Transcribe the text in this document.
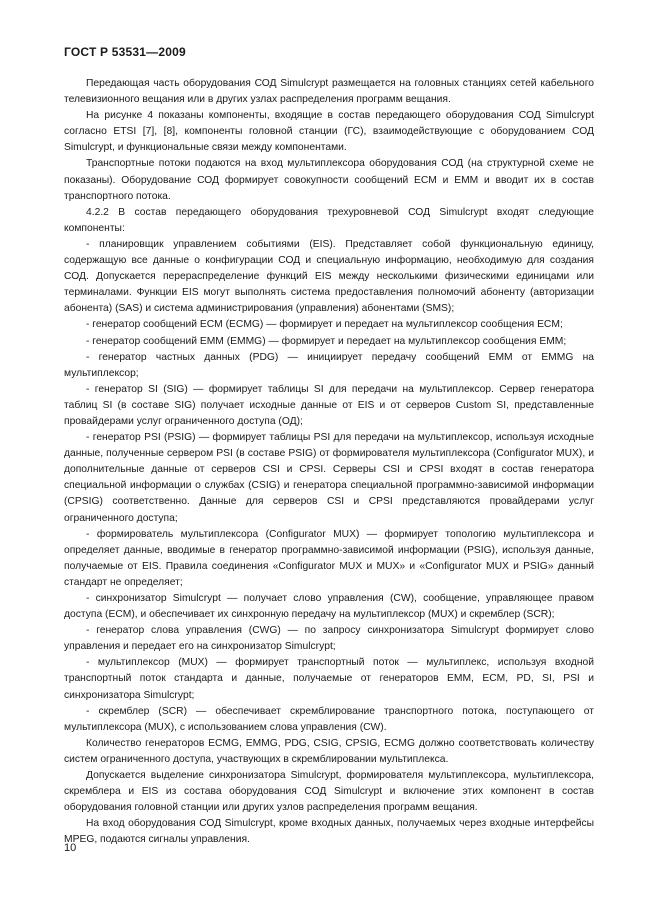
ГОСТ Р 53531—2009

Передающая часть оборудования СОД Simulcrypt размещается на головных станциях сетей кабельного телевизионного вещания или в других узлах распределения программ вещания.

На рисунке 4 показаны компоненты, входящие в состав передающего оборудования СОД Simulcrypt согласно ETSI [7], [8], компоненты головной станции (ГС), взаимодействующие с оборудованием СОД Simulcrypt, и функциональные связи между компонентами.

Транспортные потоки подаются на вход мультиплексора оборудования СОД (на структурной схеме не показаны). Оборудование СОД формирует совокупности сообщений ECM и EMM и вводит их в состав транспортного потока.

4.2.2 В состав передающего оборудования трехуровневой СОД Simulcrypt входят следующие компоненты:

- планировщик управлением событиями (EIS). Представляет собой функциональную единицу, содержащую все данные о конфигурации СОД и специальную информацию, необходимую для создания СОД. Допускается перераспределение функций EIS между несколькими физическими единицами или терминалами. Функции EIS могут выполнять система предоставления полномочий абоненту (авторизации абонента) (SAS) и система администрирования (управления) абонентами (SMS);

- генератор сообщений ECM (ECMG) — формирует и передает на мультиплексор сообщения ECM;

- генератор сообщений EMM (EMMG) — формирует и передает на мультиплексор сообщения EMM;

- генератор частных данных (PDG) — инициирует передачу сообщений EMM от EMMG на мультиплексор;

- генератор SI (SIG) — формирует таблицы SI для передачи на мультиплексор. Сервер генератора таблиц SI (в составе SIG) получает исходные данные от EIS и от серверов Custom SI, представленные провайдерами услуг ограниченного доступа (ОД);

- генератор PSI (PSIG) — формирует таблицы PSI для передачи на мультиплексор, используя исходные данные, полученные сервером PSI (в составе PSIG) от формирователя мультиплексора (Configurator MUX), и дополнительные данные от серверов CSI и CPSI. Серверы CSI и CPSI входят в состав генератора специальной информации о службах (CSIG) и генератора специальной программно-зависимой информации (CPSIG) соответственно. Данные для серверов CSI и CPSI представляются провайдерами услуг ограниченного доступа;

- формирователь мультиплексора (Configurator MUX) — формирует топологию мультиплексора и определяет данные, вводимые в генератор программно-зависимой информации (PSIG), используя данные, получаемые от EIS. Правила соединения «Configurator MUX и MUX» и «Configurator MUX и PSIG» данный стандарт не определяет;

- синхронизатор Simulcrypt — получает слово управления (CW), сообщение, управляющее правом доступа (ECM), и обеспечивает их синхронную передачу на мультиплексор (MUX) и скремблер (SCR);

- генератор слова управления (CWG) — по запросу синхронизатора Simulcrypt формирует слово управления и передает его на синхронизатор Simulcrypt;

- мультиплексор (MUX) — формирует транспортный поток — мультиплекс, используя входной транспортный поток стандарта и данные, получаемые от генераторов EMM, ECM, PD, SI, PSI и синхронизатора Simulcrypt;

- скремблер (SCR) — обеспечивает скремблирование транспортного потока, поступающего от мультиплексора (MUX), с использованием слова управления (CW).

Количество генераторов ECMG, EMMG, PDG, CSIG, CPSIG, ECMG должно соответствовать количеству систем ограниченного доступа, участвующих в скремблировании мультиплекса.

Допускается выделение синхронизатора Simulcrypt, формирователя мультиплексора, мультиплексора, скремблера и EIS из состава оборудования СОД Simulcrypt и включение этих компонент в состав оборудования головной станции или других узлов распределения программ вещания.

На вход оборудования СОД Simulcrypt, кроме входных данных, получаемых через входные интерфейсы MPEG, подаются сигналы управления.

10
